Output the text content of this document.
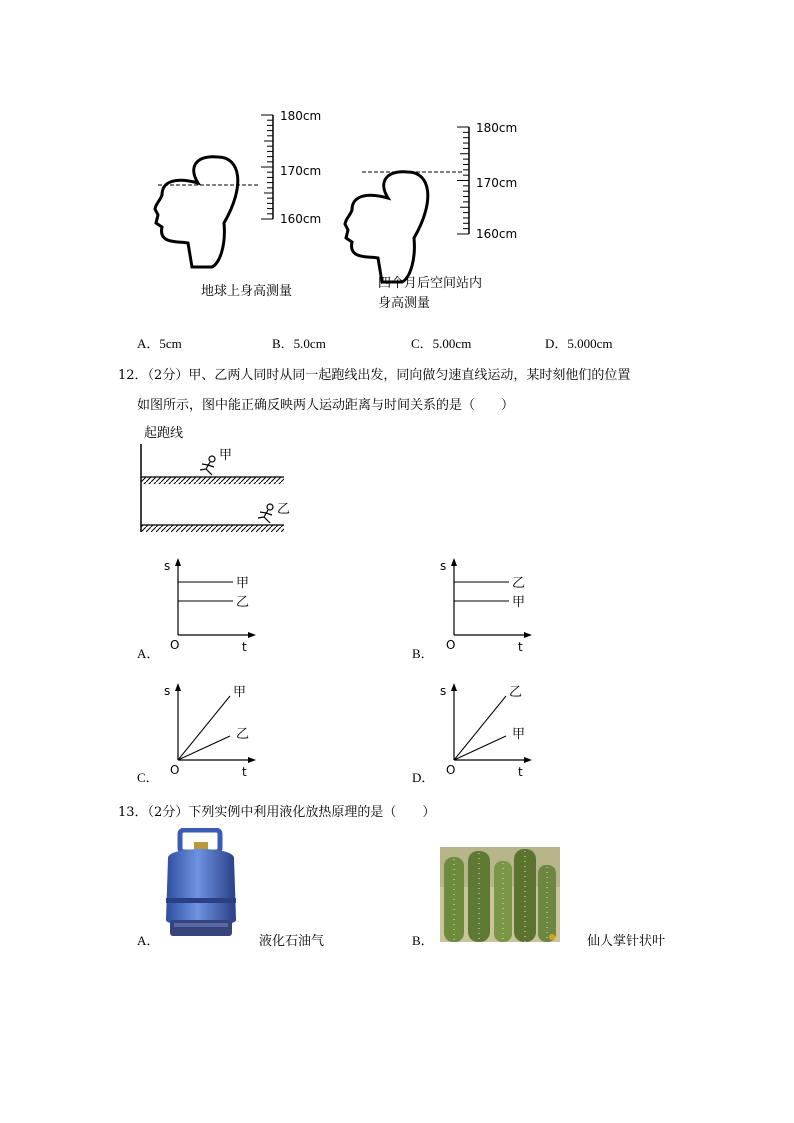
180cm
170cm
160cm
180cm
170cm
160cm
地球上身高测量
四个月后空间站内
身高测量
A．5cm	B．5.0cm	C．5.00cm	D．5.000cm
12．（2分）甲、乙两人同时从同一起跑线出发，同向做匀速直线运动，某时刻他们的位置
如图所示，图中能正确反映两人运动距离与时间关系的是（　　）
起跑线
甲
乙
A．
s
O	t
甲
乙
B．
s
O	t
乙
甲
C．
s
O	t
甲
乙
D．
s
O	t
乙
甲
13．（2分）下列实例中利用液化放热原理的是（　　）
A．	液化石油气	B．	仙人掌针状叶
